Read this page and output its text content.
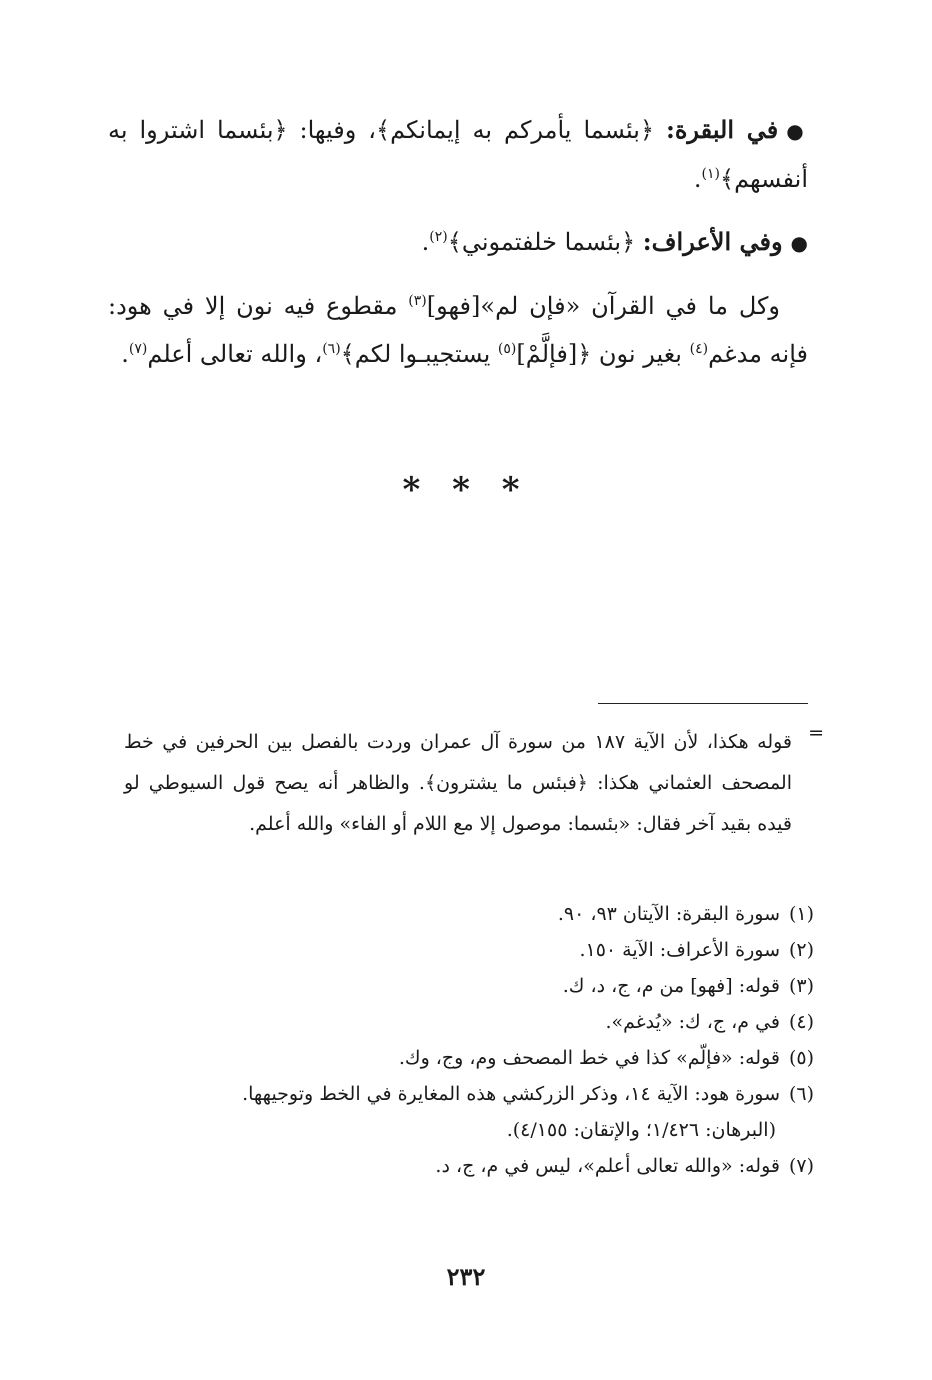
●في البقرة: ﴿بئسما يأمركم به إيمانكم﴾، وفيها: ﴿بئسما اشتروا به أنفسهم﴾$^{(١)}$.
●وفي الأعراف: ﴿بئسما خلفتموني﴾$^{(٢)}$.
وكل ما في القرآن «فإن لم»[فهو]$^{(٣)}$ مقطوع فيه نون إلا في هود: فإنه مدغم$^{(٤)}$ بغير نون ﴿[فإلَّمْ]$^{(٥)}$ يستجيبـوا لكم﴾$^{(٦)}$، والله تعالى أعلم$^{(٧)}$.
* * *
=
قوله هكذا، لأن الآية ١٨٧ من سورة آل عمران وردت بالفصل بين الحرفين في خط المصحف العثماني هكذا: ﴿فبئس ما يشترون﴾. والظاهر أنه يصح قول السيوطي لو قيده بقيد آخر فقال: «بئسما: موصول إلا مع اللام أو الفاء» والله أعلم.
(١)سورة البقرة: الآيتان ٩٣، ٩٠.
(٢)سورة الأعراف: الآية ١٥٠.
(٣)قوله: [فهو] من م، ج، د، ك.
(٤)في م، ج، ك: «يُدغم».
(٥)قوله: «فإلّم» كذا في خط المصحف وم، وج، وك.
(٦)سورة هود: الآية ١٤، وذكر الزركشي هذه المغايرة في الخط وتوجيهها.
(البرهان: ١/٤٢٦؛ والإتقان: ٤/١٥٥).
(٧)قوله: «والله تعالى أعلم»، ليس في م، ج، د.
٢٣٢
